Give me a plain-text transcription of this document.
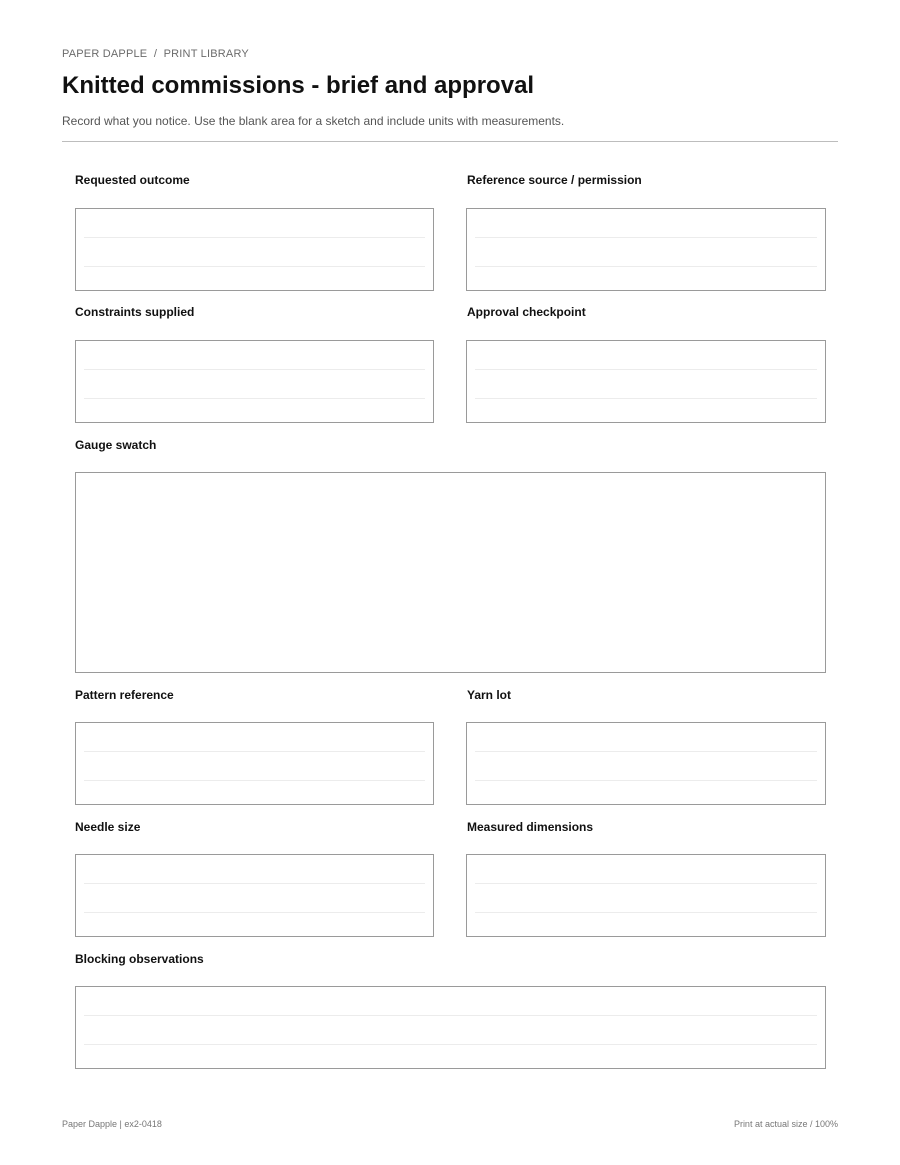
PAPER DAPPLE  /  PRINT LIBRARY
Knitted commissions - brief and approval
Record what you notice. Use the blank area for a sketch and include units with measurements.
Requested outcome	Reference source / permission
Constraints supplied	Approval checkpoint
Gauge swatch
Pattern reference	Yarn lot
Needle size	Measured dimensions
Blocking observations
Paper Dapple | ex2-0418	Print at actual size / 100%
